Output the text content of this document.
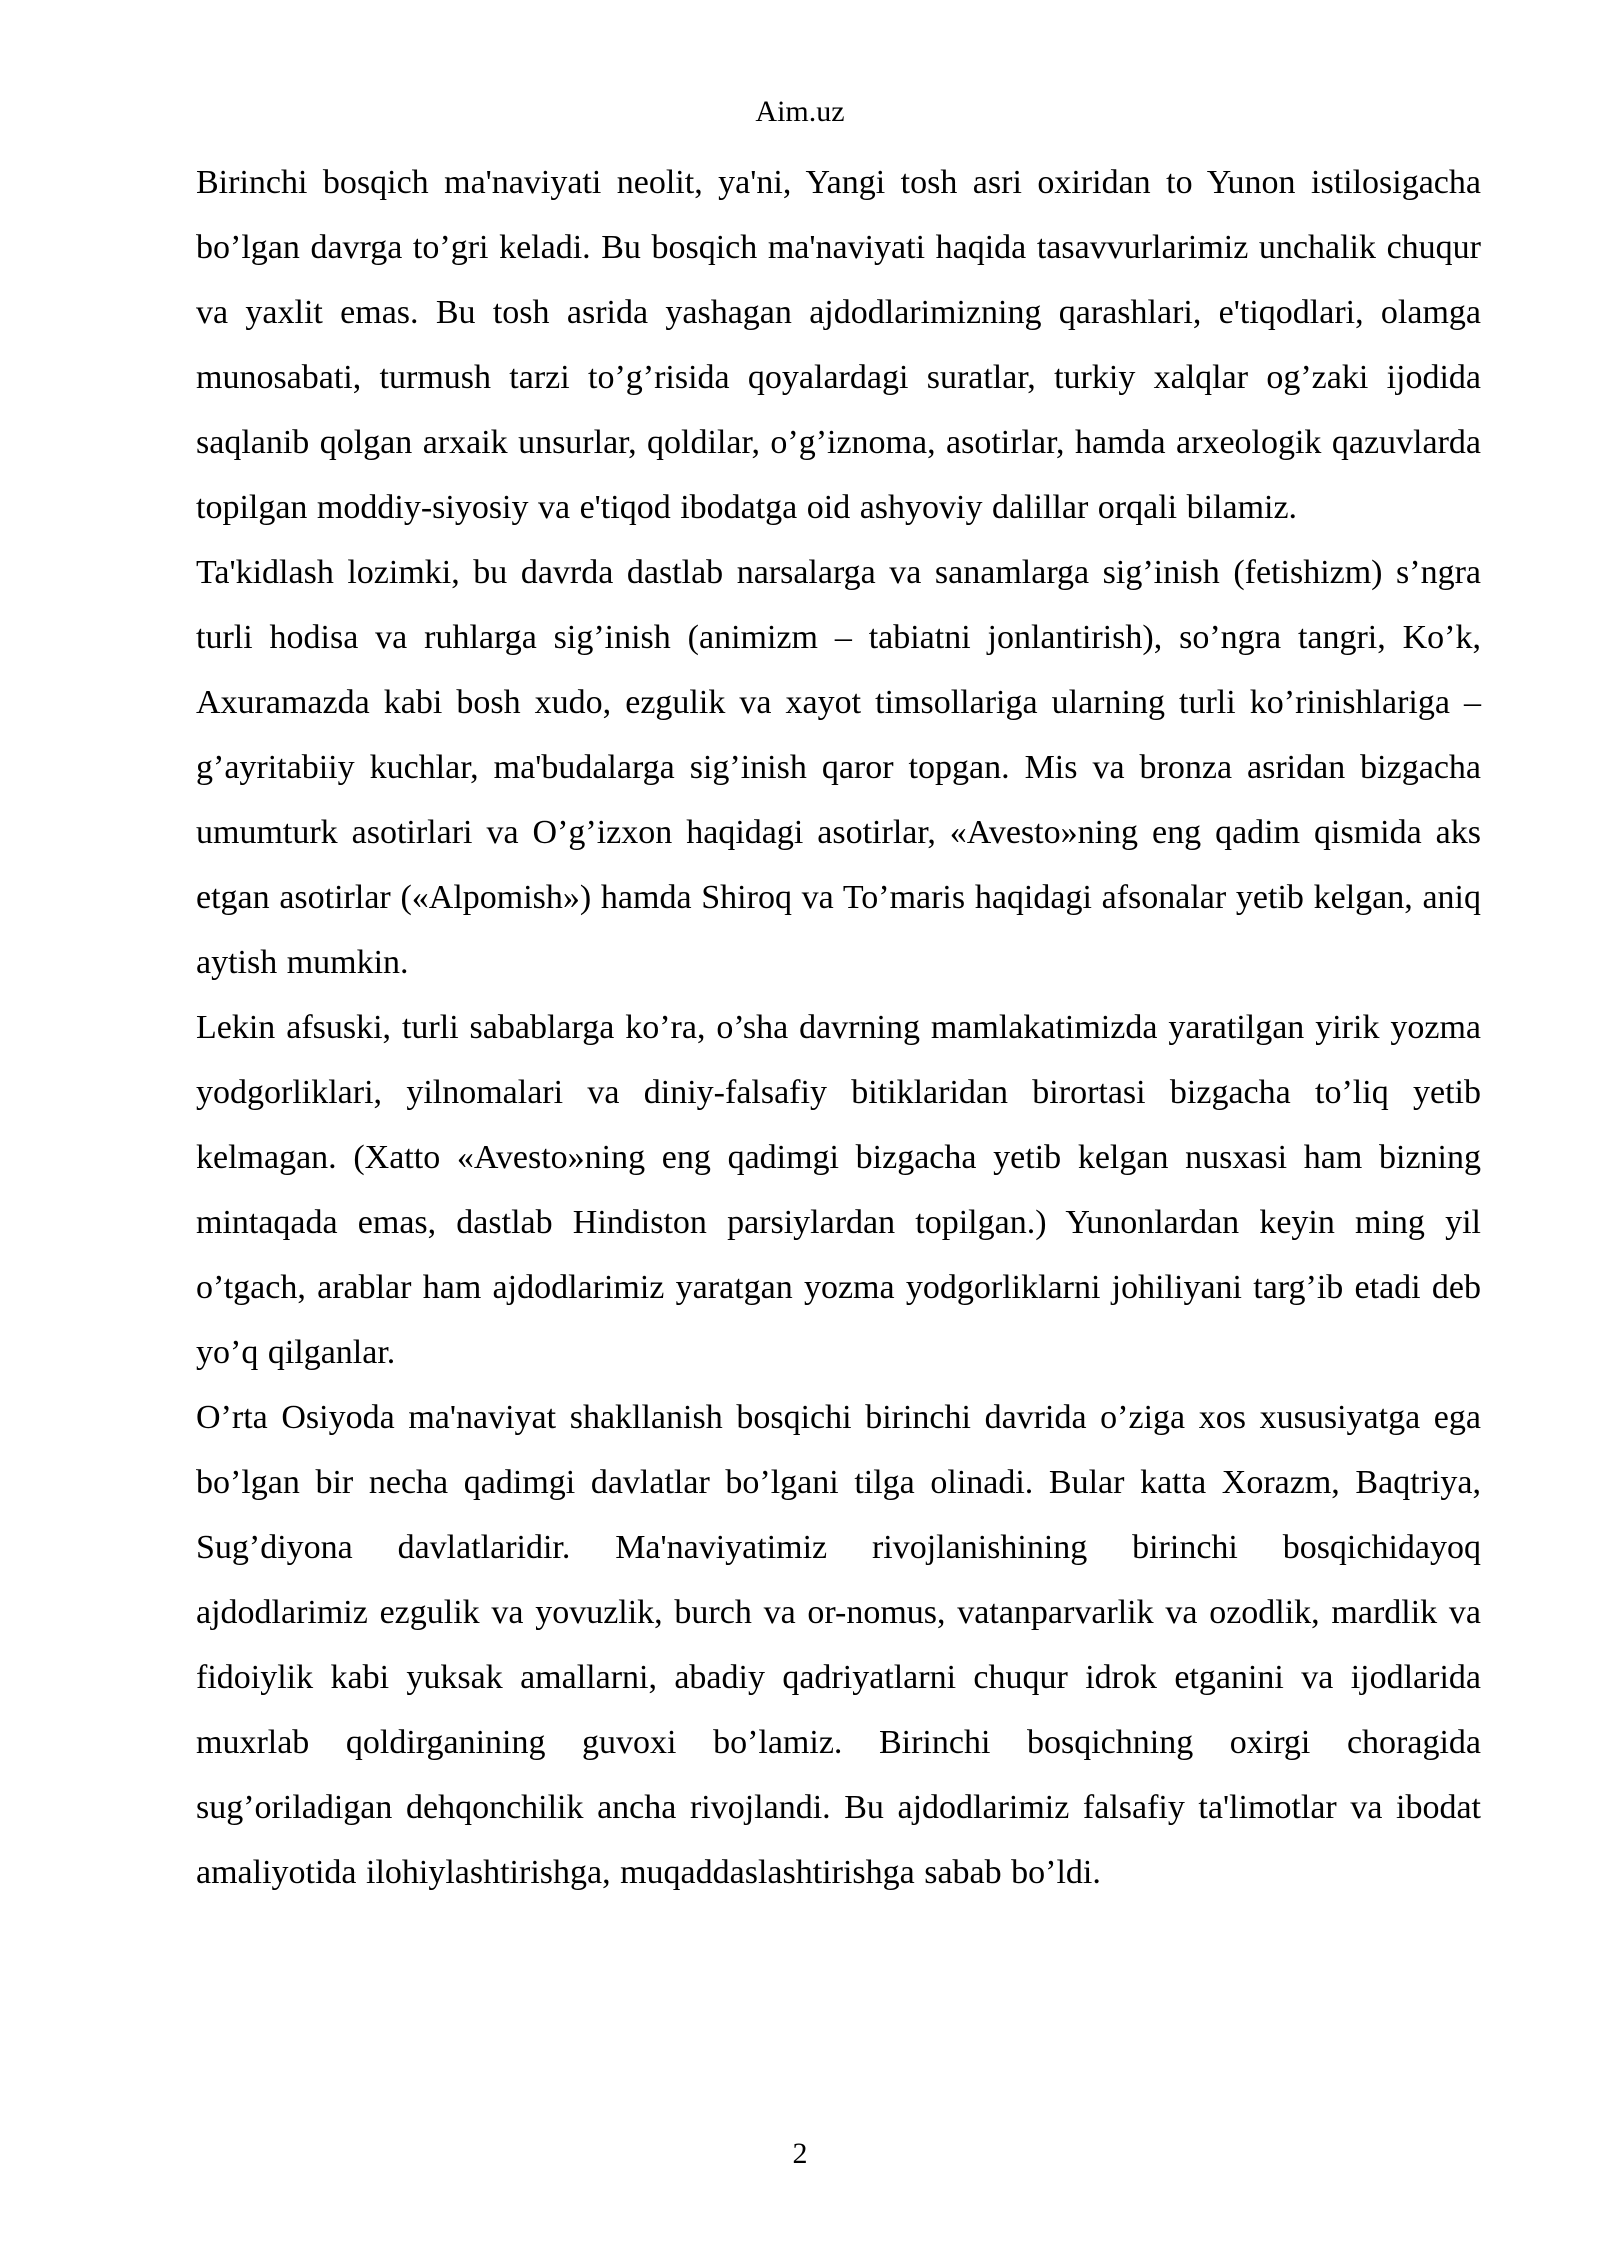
Aim.uz

Birinchi bosqich ma'naviyati neolit, ya'ni, Yangi tosh asri oxiridan to Yunon istilosigacha bo’lgan davrga to’gri keladi. Bu bosqich ma'naviyati haqida tasavvurlarimiz unchalik chuqur va yaxlit emas. Bu tosh asrida yashagan ajdodlarimizning qarashlari, e'tiqodlari, olamga munosabati, turmush tarzi to’g’risida qoyalardagi suratlar, turkiy xalqlar og’zaki ijodida saqlanib qolgan arxaik unsurlar, qoldilar, o’g’iznoma, asotirlar, hamda arxeologik qazuvlarda topilgan moddiy-siyosiy va e'tiqod ibodatga oid ashyoviy dalillar orqali bilamiz.

Ta'kidlash lozimki, bu davrda dastlab narsalarga va sanamlarga sig’inish (fetishizm) s’ngra turli hodisa va ruhlarga sig’inish (animizm – tabiatni jonlantirish), so’ngra tangri, Ko’k, Axuramazda kabi bosh xudo, ezgulik va xayot timsollariga ularning turli ko’rinishlariga – g’ayritabiiy kuchlar, ma'budalarga sig’inish qaror topgan. Mis va bronza asridan bizgacha umumturk asotirlari va O’g’izxon haqidagi asotirlar, «Avesto»ning eng qadim qismida aks etgan asotirlar («Alpomish») hamda Shiroq va To’maris haqidagi afsonalar yetib kelgan, aniq aytish mumkin.

Lekin afsuski, turli sabablarga ko’ra, o’sha davrning mamlakatimizda yaratilgan yirik yozma yodgorliklari, yilnomalari va diniy-falsafiy bitiklaridan birortasi bizgacha to’liq yetib kelmagan. (Xatto «Avesto»ning eng qadimgi bizgacha yetib kelgan nusxasi ham bizning mintaqada emas, dastlab Hindiston parsiylardan topilgan.) Yunonlardan keyin ming yil o’tgach, arablar ham ajdodlarimiz yaratgan yozma yodgorliklarni johiliyani targ’ib etadi deb yo’q qilganlar.

O’rta Osiyoda ma'naviyat shakllanish bosqichi birinchi davrida o’ziga xos xususiyatga ega bo’lgan bir necha qadimgi davlatlar bo’lgani tilga olinadi. Bular katta Xorazm, Baqtriya, Sug’diyona davlatlaridir. Ma'naviyatimiz rivojlanishining birinchi bosqichidayoq ajdodlarimiz ezgulik va yovuzlik, burch va or-nomus, vatanparvarlik va ozodlik, mardlik va fidoiylik kabi yuksak amallarni, abadiy qadriyatlarni chuqur idrok etganini va ijodlarida muxrlab qoldirganining guvoxi bo’lamiz. Birinchi bosqichning oxirgi choragida sug’oriladigan dehqonchilik ancha rivojlandi. Bu ajdodlarimiz falsafiy ta'limotlar va ibodat amaliyotida ilohiylashtirishga, muqaddaslashtirishga sabab bo’ldi.

2
